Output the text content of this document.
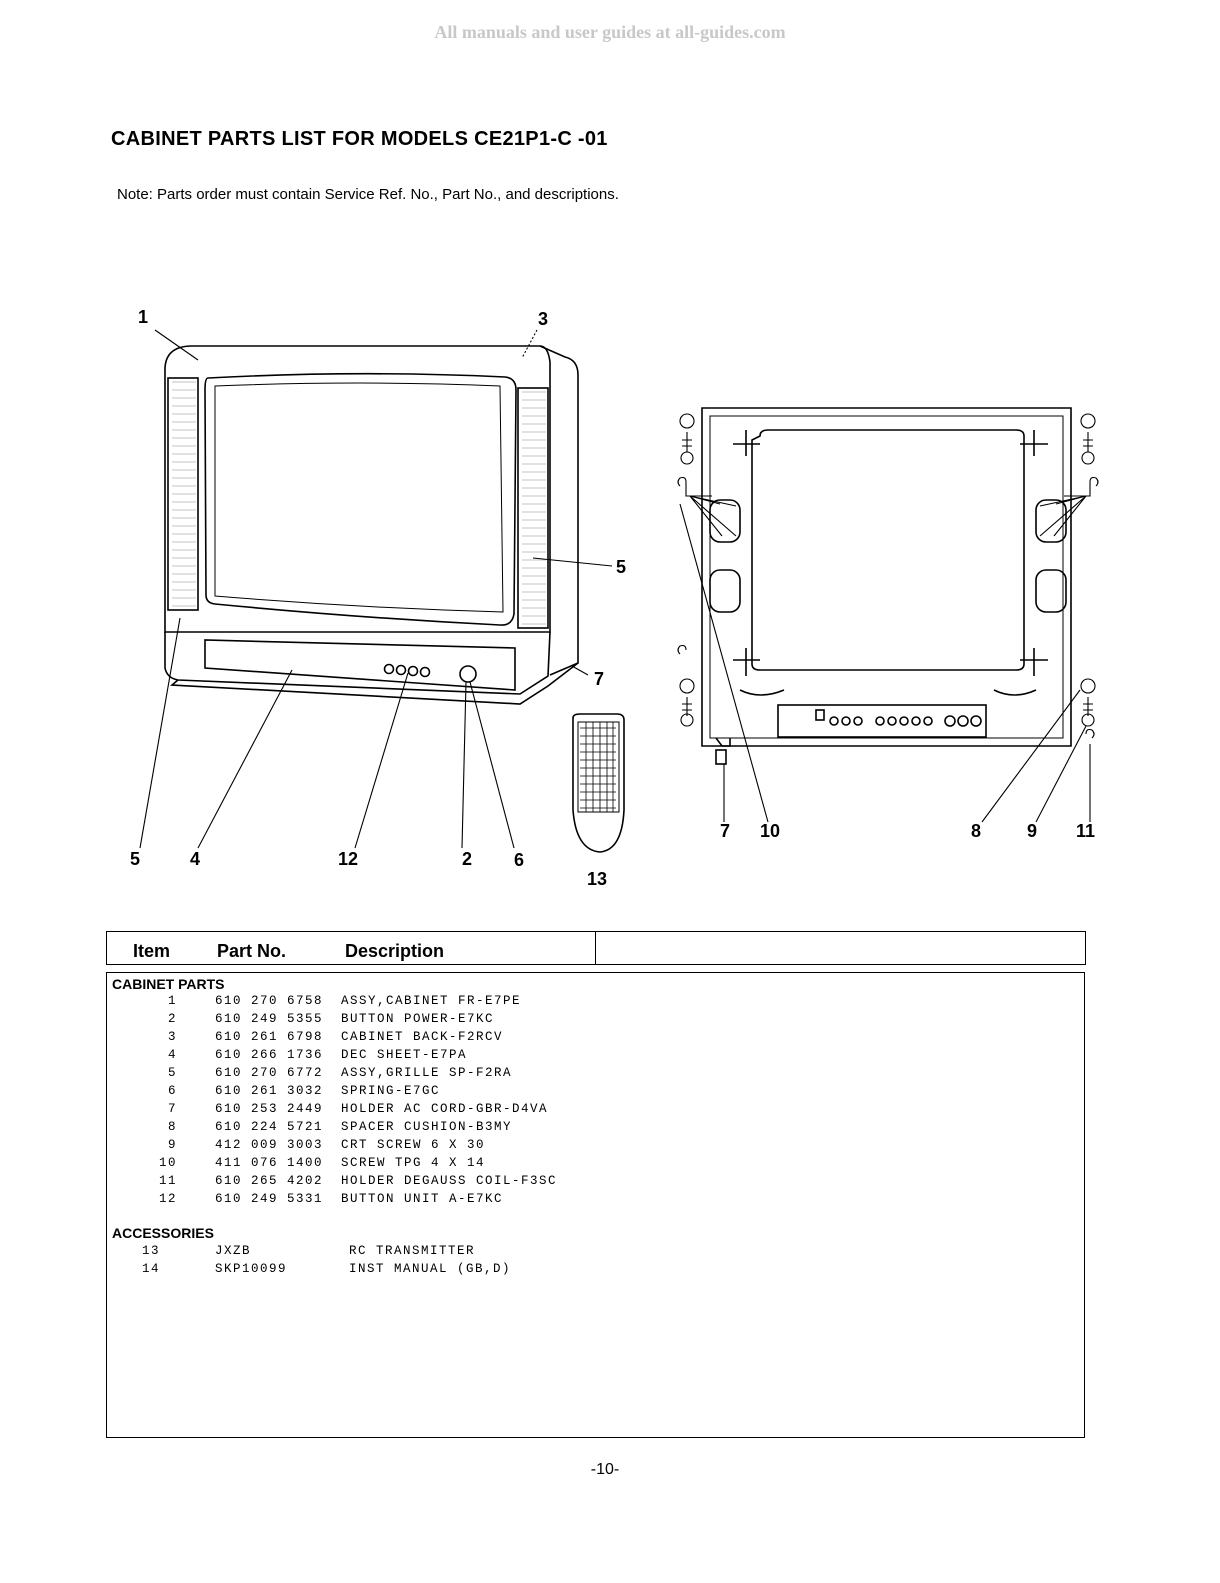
All manuals and user guides at all-guides.com
CABINET PARTS LIST FOR MODELS CE21P1-C -01
Note: Parts order must contain Service Ref. No., Part No., and descriptions.
1	3
5
7
5	4	12	2 6
13
7 10	8	9 11
Item	Part No.	Description
CABINET PARTS
1	610 270 6758 ASSY,CABINET FR-E7PE
2	610 249 5355 BUTTON POWER-E7KC
3	610 261 6798 CABINET BACK-F2RCV
4	610 266 1736 DEC SHEET-E7PA
5	610 270 6772 ASSY,GRILLE SP-F2RA
6	610 261 3032 SPRING-E7GC
7	610 253 2449 HOLDER AC CORD-GBR-D4VA
8	610 224 5721 SPACER CUSHION-B3MY
9	412 009 3003 CRT SCREW 6 X 30
10	411 076 1400 SCREW TPG 4 X 14
11	610 265 4202 HOLDER DEGAUSS COIL-F3SC
12	610 249 5331 BUTTON UNIT A-E7KC
ACCESSORIES
13	JXZB	RC TRANSMITTER
14	SKP10099	INST MANUAL (GB,D)
-10-
